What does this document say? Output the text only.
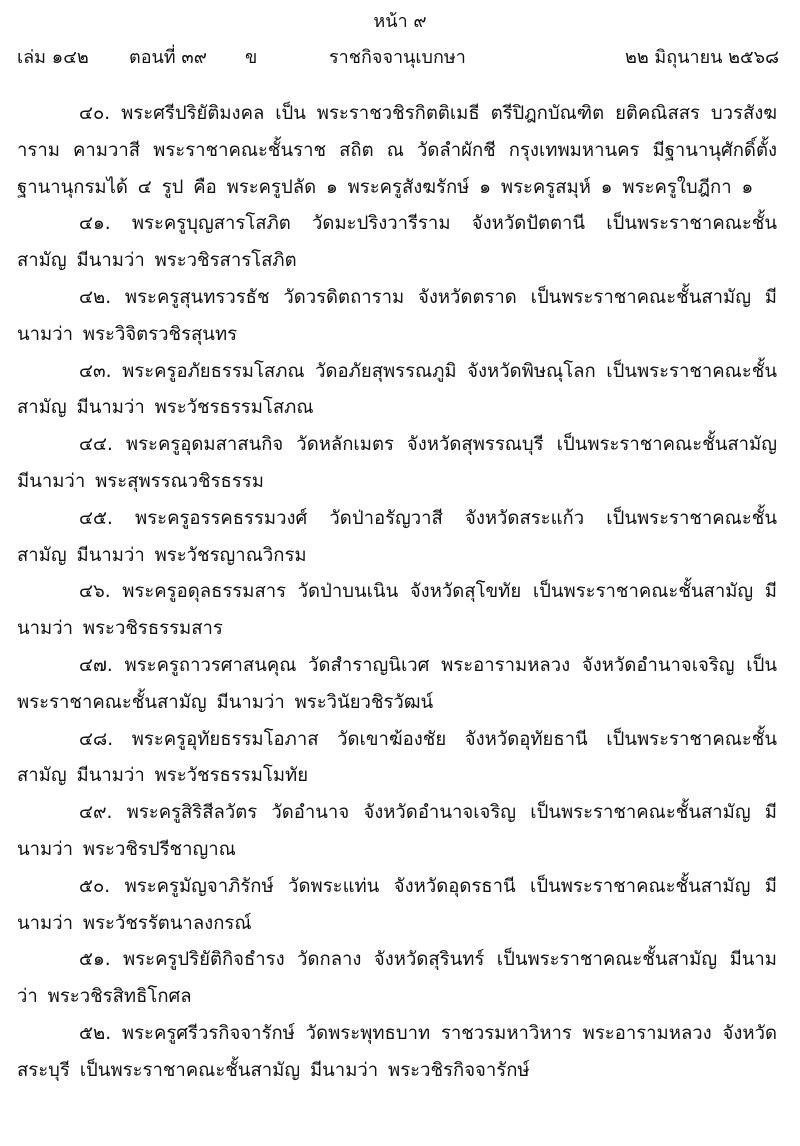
หน้า ๙
เล่ม ๑๔๒ ตอนที่ ๓๙ ข	ราชกิจจานุเบกษา	๒๒ มิถุนายน ๒๕๖๘

๔๐. พระศรีปริยัติมงคล เป็น พระราชวชิรกิตติเมธี ตรีปิฎกบัณฑิต ยติคณิสสร บวรสังฆาราม คามวาสี พระราชาคณะชั้นราช สถิต ณ วัดลำผักชี กรุงเทพมหานคร มีฐานานุศักดิ์ตั้งฐานานุกรมได้ ๔ รูป คือ พระครูปลัด ๑ พระครูสังฆรักษ์ ๑ พระครูสมุห์ ๑ พระครูใบฎีกา ๑

๔๑. พระครูบุญสารโสภิต วัดมะปริงวารีราม จังหวัดปัตตานี เป็นพระราชาคณะชั้นสามัญ มีนามว่า พระวชิรสารโสภิต

๔๒. พระครูสุนทรวรธัช วัดวรดิตถาราม จังหวัดตราด เป็นพระราชาคณะชั้นสามัญ มีนามว่า พระวิจิตรวชิรสุนทร

๔๓. พระครูอภัยธรรมโสภณ วัดอภัยสุพรรณภูมิ จังหวัดพิษณุโลก เป็นพระราชาคณะชั้นสามัญ มีนามว่า พระวัชรธรรมโสภณ

๔๔. พระครูอุดมสาสนกิจ วัดหลักเมตร จังหวัดสุพรรณบุรี เป็นพระราชาคณะชั้นสามัญ มีนามว่า พระสุพรรณวชิรธรรม

๔๕. พระครูอรรคธรรมวงศ์ วัดป่าอรัญวาสี จังหวัดสระแก้ว เป็นพระราชาคณะชั้นสามัญ มีนามว่า พระวัชรญาณวิกรม

๔๖. พระครูอดุลธรรมสาร วัดป่าบนเนิน จังหวัดสุโขทัย เป็นพระราชาคณะชั้นสามัญ มีนามว่า พระวชิรธรรมสาร

๔๗. พระครูถาวรศาสนคุณ วัดสำราญนิเวศ พระอารามหลวง จังหวัดอำนาจเจริญ เป็นพระราชาคณะชั้นสามัญ มีนามว่า พระวินัยวชิรวัฒน์

๔๘. พระครูอุทัยธรรมโอภาส วัดเขาฆ้องชัย จังหวัดอุทัยธานี เป็นพระราชาคณะชั้นสามัญ มีนามว่า พระวัชรธรรมโมทัย

๔๙. พระครูสิริสีลวัตร วัดอำนาจ จังหวัดอำนาจเจริญ เป็นพระราชาคณะชั้นสามัญ มีนามว่า พระวชิรปรีชาญาณ

๕๐. พระครูมัญจาภิรักษ์ วัดพระแท่น จังหวัดอุดรธานี เป็นพระราชาคณะชั้นสามัญ มีนามว่า พระวัชรรัตนาลงกรณ์

๕๑. พระครูปริยัติกิจธำรง วัดกลาง จังหวัดสุรินทร์ เป็นพระราชาคณะชั้นสามัญ มีนามว่า พระวชิรสิทธิโกศล

๕๒. พระครูศรีวรกิจจารักษ์ วัดพระพุทธบาท ราชวรมหาวิหาร พระอารามหลวง จังหวัดสระบุรี เป็นพระราชาคณะชั้นสามัญ มีนามว่า พระวชิรกิจจารักษ์
